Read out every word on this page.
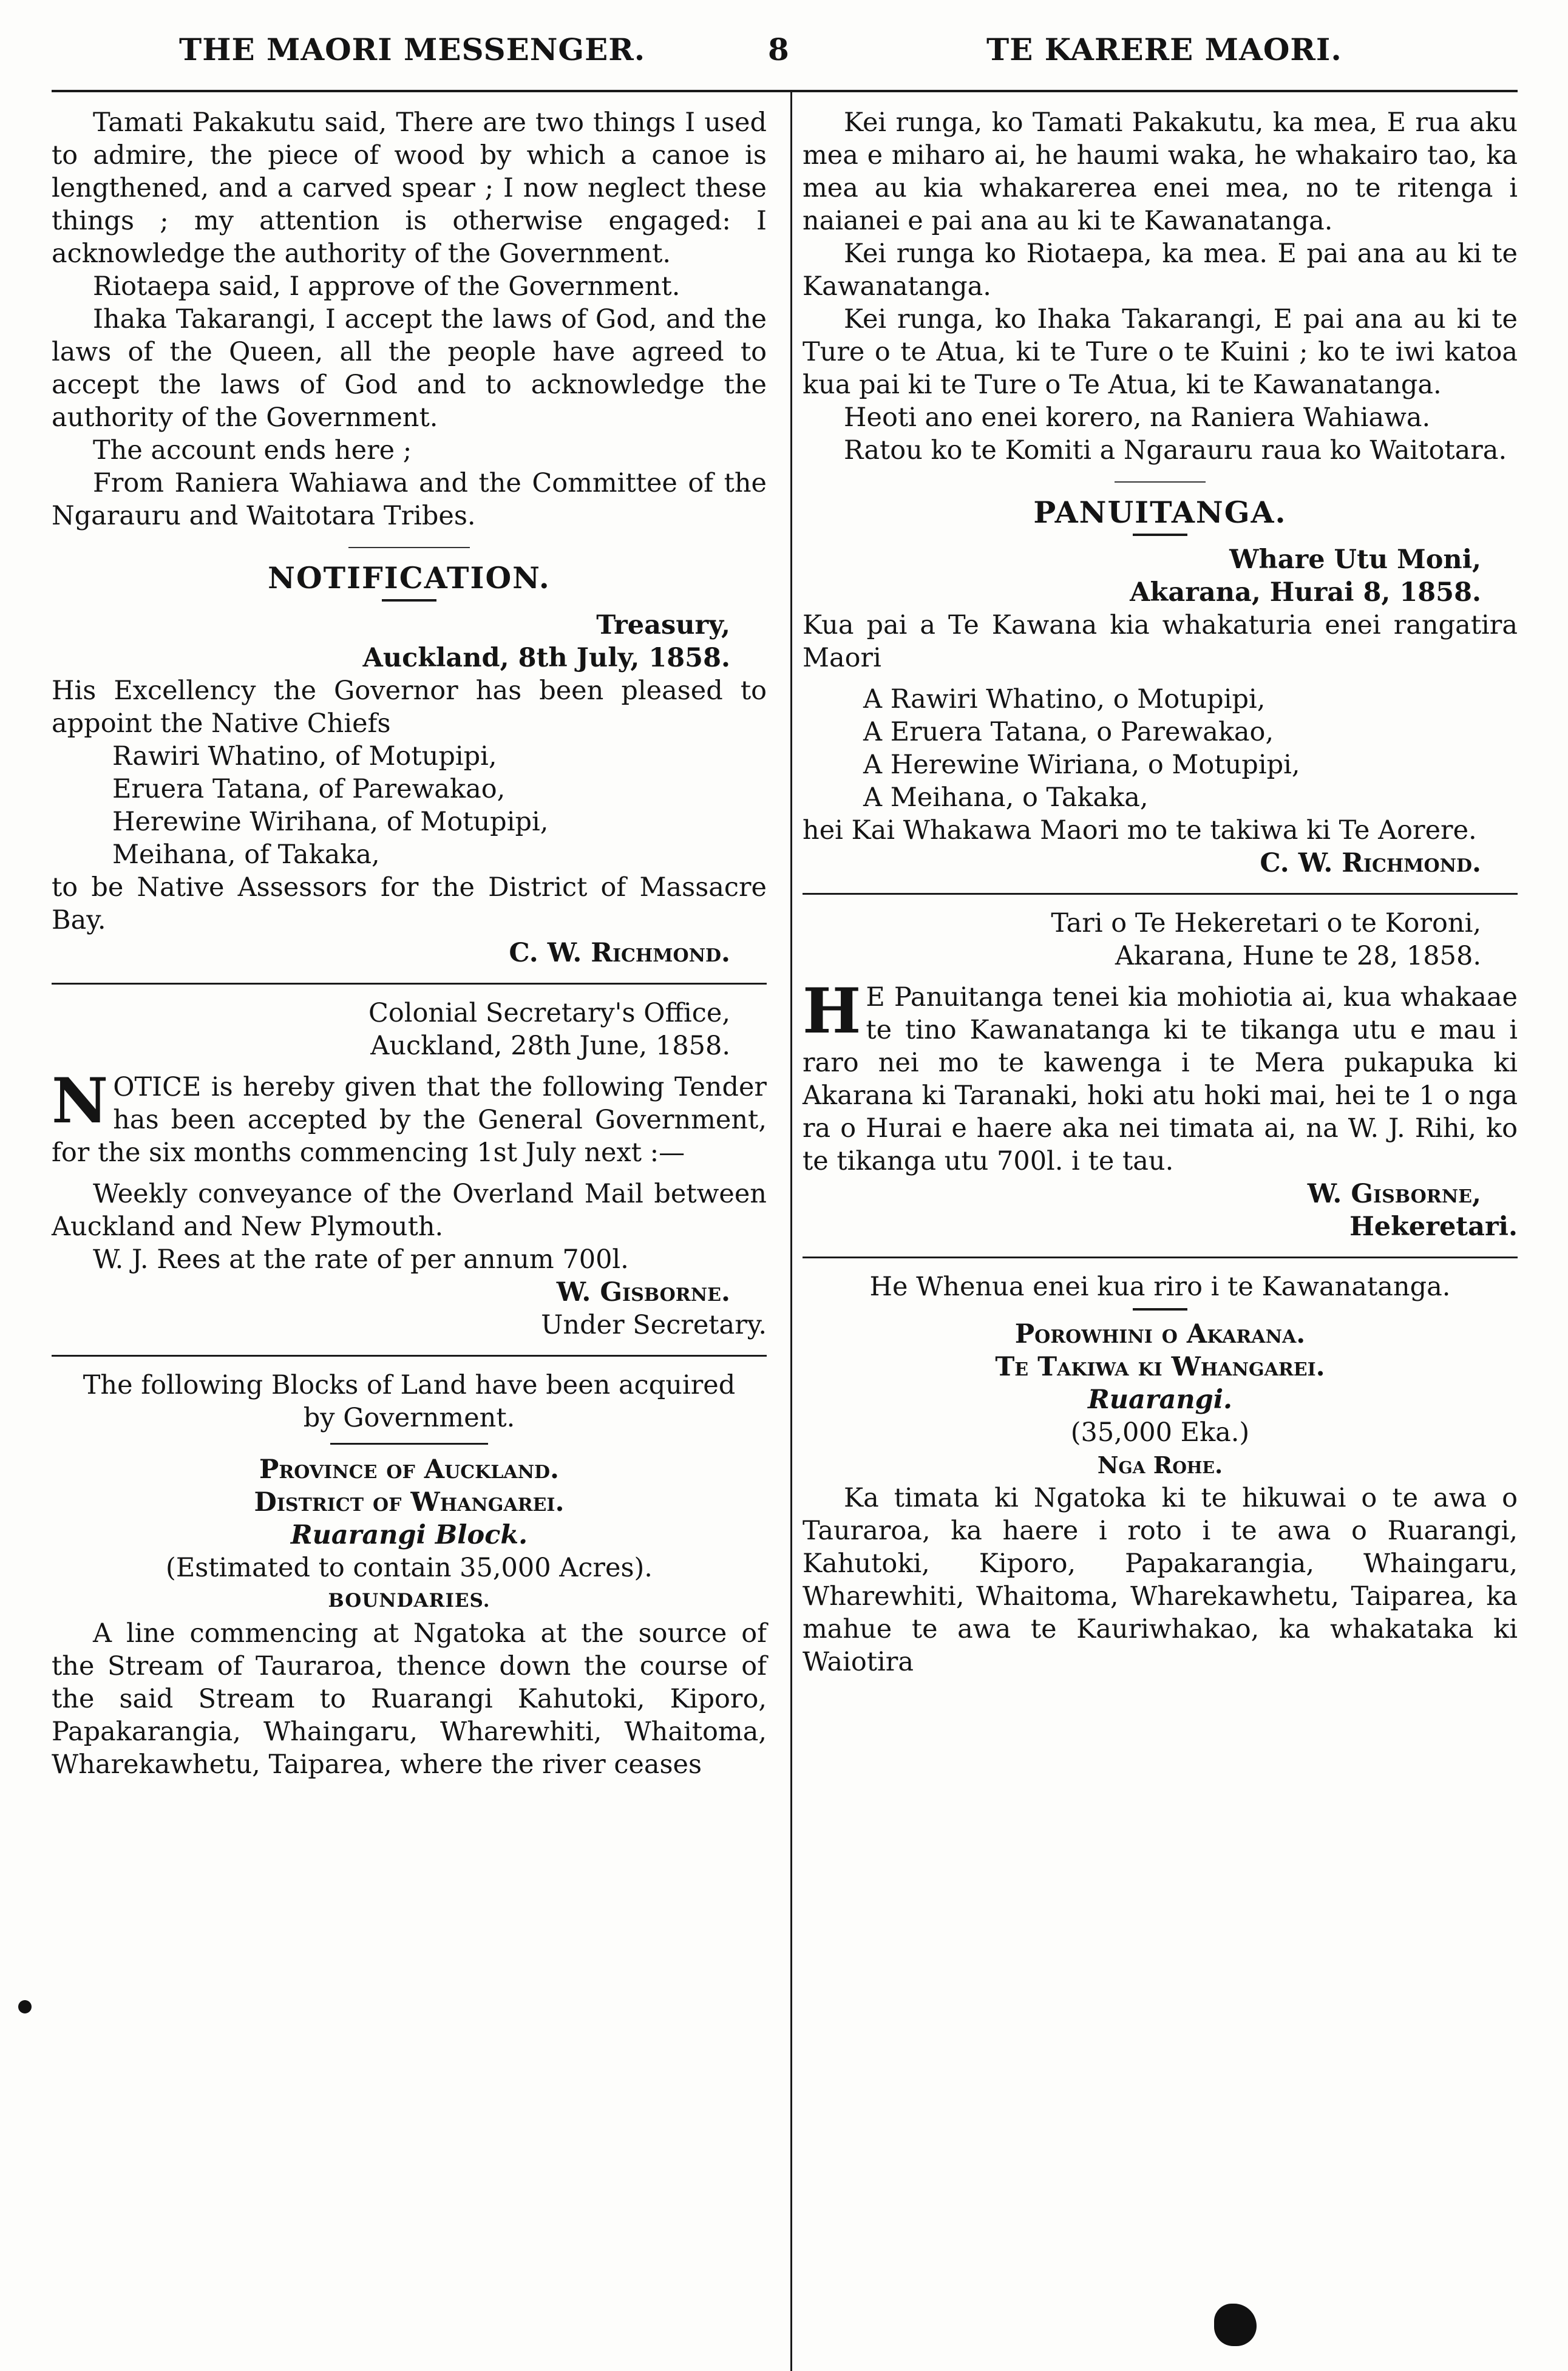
THE MAORI MESSENGER.	8	TE KARERE MAORI.

Tamati Pakakutu said, There are two things I used to admire, the piece of wood by which a canoe is lengthened, and a carved spear ; I now neglect these things ; my attention is otherwise engaged: I acknowledge the authority of the Government.

Riotaepa said, I approve of the Government.

Ihaka Takarangi, I accept the laws of God, and the laws of the Queen, all the people have agreed to accept the laws of God and to acknowledge the authority of the Government.

The account ends here ;

From Raniera Wahiawa and the Committee of the Ngarauru and Waitotara Tribes.

NOTIFICATION.

Treasury,

Auckland, 8th July, 1858.

His Excellency the Governor has been pleased to appoint the Native Chiefs

Rawiri Whatino, of Motupipi,

Eruera Tatana, of Parewakao,

Herewine Wirihana, of Motupipi,

Meihana, of Takaka,

to be Native Assessors for the District of Massacre Bay.

C. W. Richmond.

Colonial Secretary's Office,

Auckland, 28th June, 1858.

NOTICE is hereby given that the following Tender has been accepted by the General Government, for the six months commencing 1st July next :—

Weekly conveyance of the Overland Mail between Auckland and New Plymouth.

W. J. Rees at the rate of per annum 700l.

W. Gisborne.

Under Secretary.

The following Blocks of Land have been acquired by Government.

Province of Auckland.

District of Whangarei.

Ruarangi Block.

(Estimated to contain 35,000 Acres).

BOUNDARIES.

A line commencing at Ngatoka at the source of the Stream of Tauraroa, thence down the course of the said Stream to Ruarangi Kahutoki, Kiporo, Papakarangia, Whaingaru, Wharewhiti, Whaitoma, Wharekawhetu, Taiparea, where the river ceases

Kei runga, ko Tamati Pakakutu, ka mea, E rua aku mea e miharo ai, he haumi waka, he whakairo tao, ka mea au kia whakarerea enei mea, no te ritenga i naianei e pai ana au ki te Kawanatanga.

Kei runga ko Riotaepa, ka mea. E pai ana au ki te Kawanatanga.

Kei runga, ko Ihaka Takarangi, E pai ana au ki te Ture o te Atua, ki te Ture o te Kuini ; ko te iwi katoa kua pai ki te Ture o Te Atua, ki te Kawanatanga.

Heoti ano enei korero, na Raniera Wahiawa.

Ratou ko te Komiti a Ngarauru raua ko Waitotara.

PANUITANGA.

Whare Utu Moni,

Akarana, Hurai 8, 1858.

Kua pai a Te Kawana kia whakaturia enei rangatira Maori

A Rawiri Whatino, o Motupipi,

A Eruera Tatana, o Parewakao,

A Herewine Wiriana, o Motupipi,

A Meihana, o Takaka,

hei Kai Whakawa Maori mo te takiwa ki Te Aorere.

C. W. Richmond.

Tari o Te Hekeretari o te Koroni,

Akarana, Hune te 28, 1858.

H E Panuitanga tenei kia mohiotia ai, kua whakaae te tino Kawanatanga ki te tikanga utu e mau i raro nei mo te kawenga i te Mera pukapuka ki Akarana ki Taranaki, hoki atu hoki mai, hei te 1 o nga ra o Hurai e haere aka nei timata ai, na W. J. Rihi, ko te tikanga utu 700l. i te tau.

W. Gisborne,

Hekeretari.

He Whenua enei kua riro i te Kawanatanga.

Porowhini o Akarana.

Te Takiwa ki Whangarei.

Ruarangi.

(35,000 Eka.)

Nga Rohe.

Ka timata ki Ngatoka ki te hikuwai o te awa o Tauraroa, ka haere i roto i te awa o Ruarangi, Kahutoki, Kiporo, Papakarangia, Whaingaru, Wharewhiti, Whaitoma, Wharekawhetu, Taiparea, ka mahue te awa te Kauriwhakao, ka whakataka ki Waiotira
